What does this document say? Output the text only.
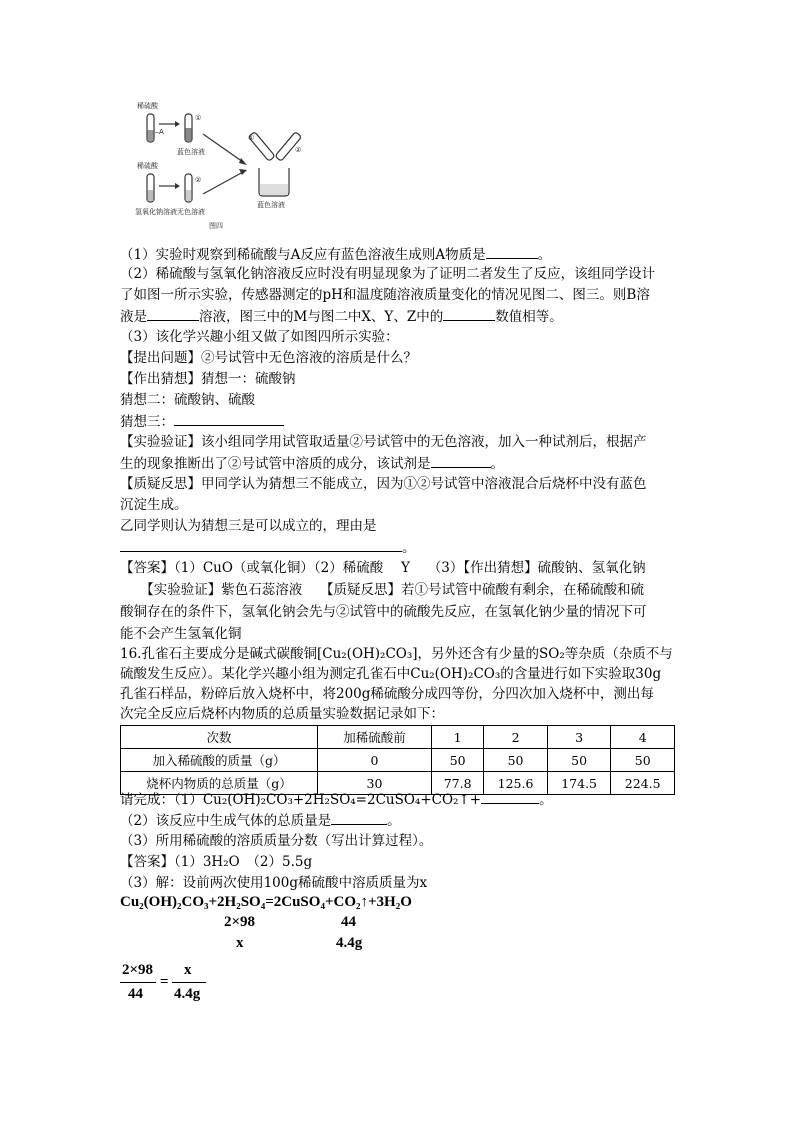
稀硫酸
A
①
蓝色溶液
稀硫酸
氢氧化钠溶液
②
无色溶液
①
②
蓝色溶液
图四
（1）实验时观察到稀硫酸与A反应有蓝色溶液生成则A物质是	。
（2）稀硫酸与氢氧化钠溶液反应时没有明显现象为了证明二者发生了反应，该组同学设计
了如图一所示实验，传感器测定的pH和温度随溶液质量变化的情况见图二、图三。则B溶
液是	溶液，图三中的M与图二中X、Y、Z中的	数值相等。
（3）该化学兴趣小组又做了如图四所示实验：
【提出问题】②号试管中无色溶液的溶质是什么？
【作出猜想】猜想一：硫酸钠
猜想二：硫酸钠、硫酸
猜想三：
【实验验证】该小组同学用试管取适量②号试管中的无色溶液，加入一种试剂后，根据产
生的现象推断出了②号试管中溶质的成分，该试剂是	。
【质疑反思】甲同学认为猜想三不能成立，因为①②号试管中溶液混合后烧杯中没有蓝色
沉淀生成。
乙同学则认为猜想三是可以成立的，理由是
。
【答案】（1）CuO（或氧化铜）（2）稀硫酸　 Y　 （3）【作出猜想】硫酸钠、氢氧化钠
　　【实验验证】紫色石蕊溶液　 【质疑反思】若①号试管中硫酸有剩余，在稀硫酸和硫
酸铜存在的条件下，氢氧化钠会先与②试管中的硫酸先反应，在氢氧化钠少量的情况下可
能不会产生氢氧化铜
16.孔雀石主要成分是碱式碳酸铜[Cu₂(OH)₂CO₃]，另外还含有少量的SO₂等杂质（杂质不与
硫酸发生反应）。某化学兴趣小组为测定孔雀石中Cu₂(OH)₂CO₃的含量进行如下实验取30g
孔雀石样品，粉碎后放入烧杯中，将200g稀硫酸分成四等份，分四次加入烧杯中，测出每
次完全反应后烧杯内物质的总质量实验数据记录如下：
次数	加稀硫酸前	1	2	3	4
加入稀硫酸的质量（g）	0	50	50	50	50
烧杯内物质的总质量（g）	30	77.8	125.6	174.5	224.5
请完成：（1）Cu₂(OH)₂CO₃+2H₂SO₄=2CuSO₄+CO₂↑+	。
（2）该反应中生成气体的总质量是	。
（3）所用稀硫酸的溶质质量分数（写出计算过程）。
【答案】（1）3H₂O　（2）5.5g
（3）解：设前两次使用100g稀硫酸中溶质质量为x
Cu₂(OH)₂CO₃+2H₂SO₄=2CuSO₄+CO₂↑+3H₂O
2×98	44
x	4.4g
2×98
44
=
x
4.4g
